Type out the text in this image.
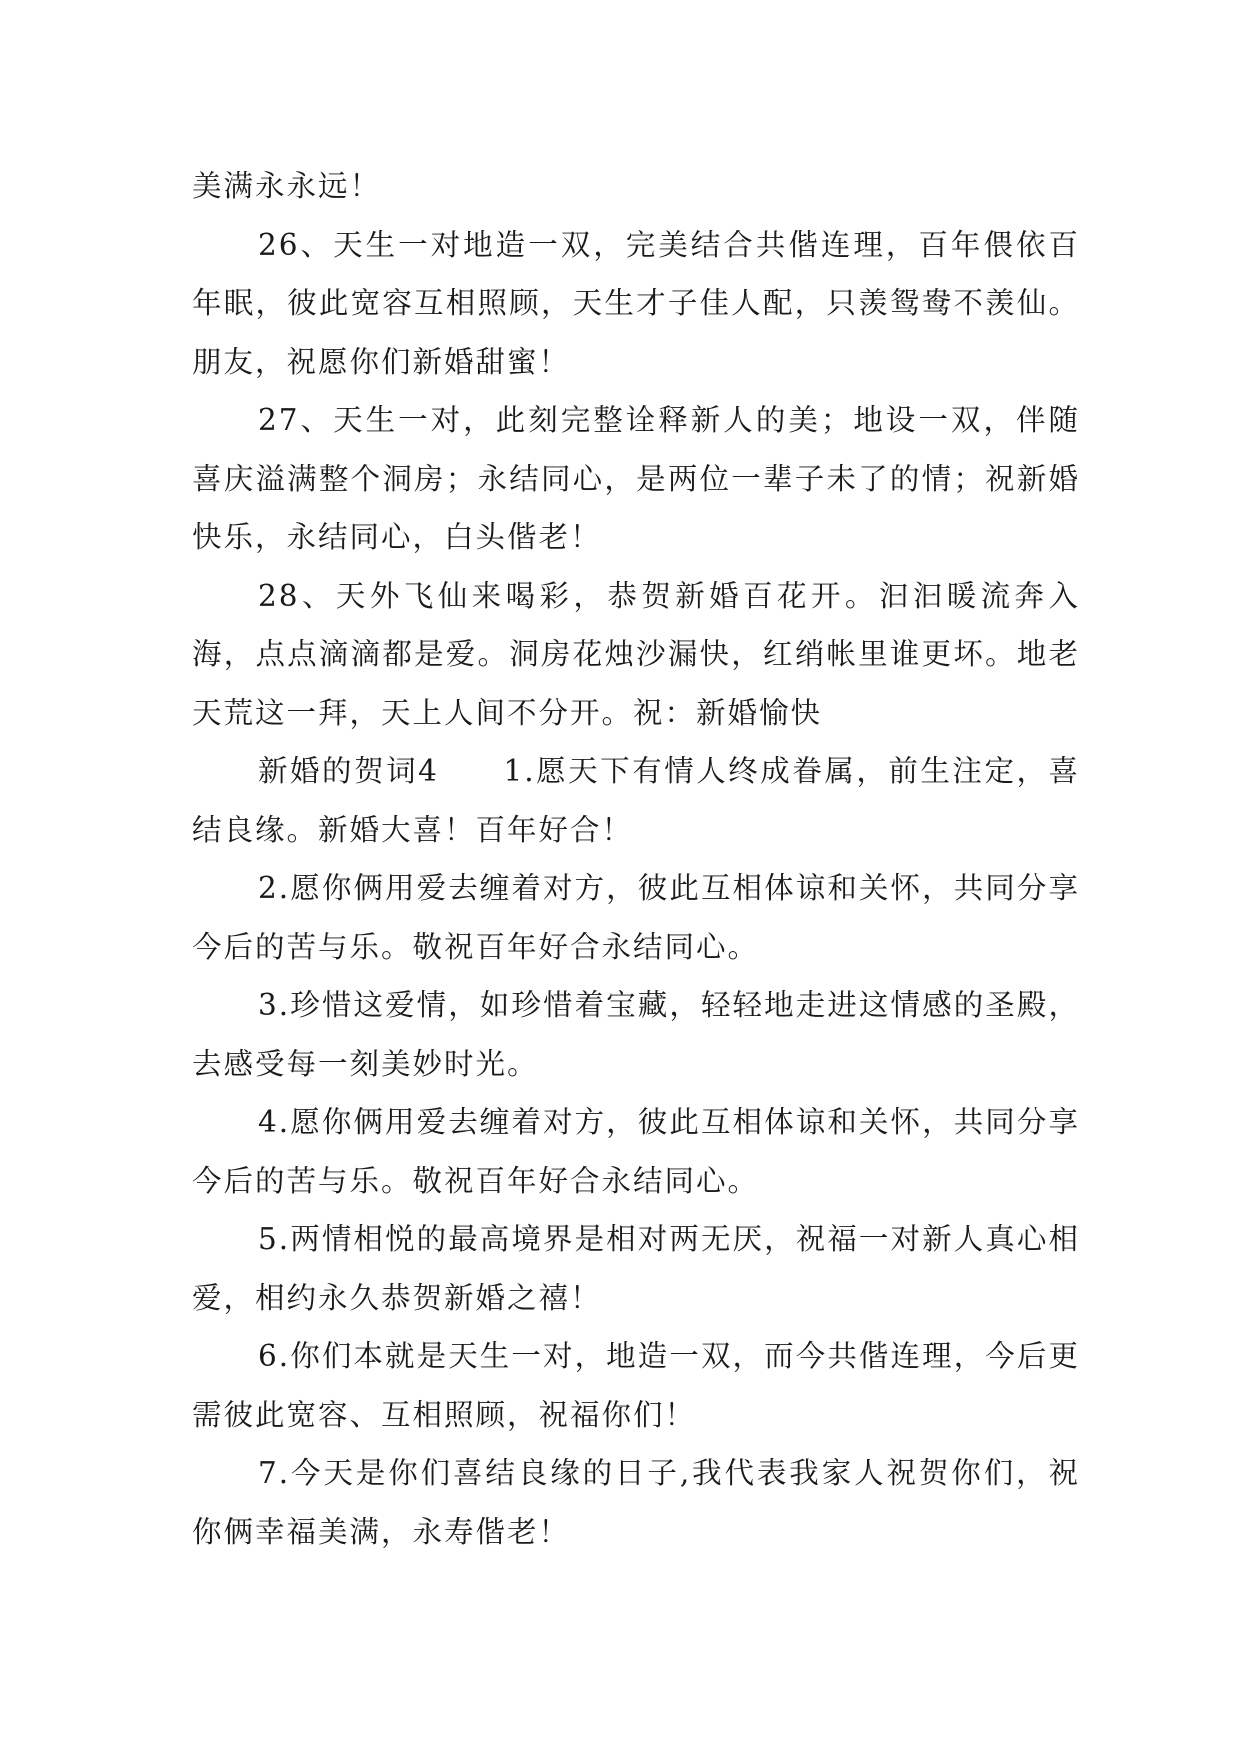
美满永永远！

26、天生一对地造一双，完美结合共偕连理，百年偎依百年眠，彼此宽容互相照顾，天生才子佳人配，只羡鸳鸯不羡仙。朋友，祝愿你们新婚甜蜜！

27、天生一对，此刻完整诠释新人的美；地设一双，伴随喜庆溢满整个洞房；永结同心，是两位一辈子未了的情；祝新婚快乐，永结同心，白头偕老！

28、天外飞仙来喝彩，恭贺新婚百花开。汩汩暖流奔入海，点点滴滴都是爱。洞房花烛沙漏快，红绡帐里谁更坏。地老天荒这一拜，天上人间不分开。祝：新婚愉快

新婚的贺词4　　1.愿天下有情人终成眷属，前生注定，喜结良缘。新婚大喜！百年好合！

2.愿你俩用爱去缠着对方，彼此互相体谅和关怀，共同分享今后的苦与乐。敬祝百年好合永结同心。

3.珍惜这爱情，如珍惜着宝藏，轻轻地走进这情感的圣殿，去感受每一刻美妙时光。

4.愿你俩用爱去缠着对方，彼此互相体谅和关怀，共同分享今后的苦与乐。敬祝百年好合永结同心。

5.两情相悦的最高境界是相对两无厌，祝福一对新人真心相爱，相约永久恭贺新婚之禧！

6.你们本就是天生一对，地造一双，而今共偕连理，今后更需彼此宽容、互相照顾，祝福你们！

7.今天是你们喜结良缘的日子,我代表我家人祝贺你们，祝你俩幸福美满，永寿偕老！
